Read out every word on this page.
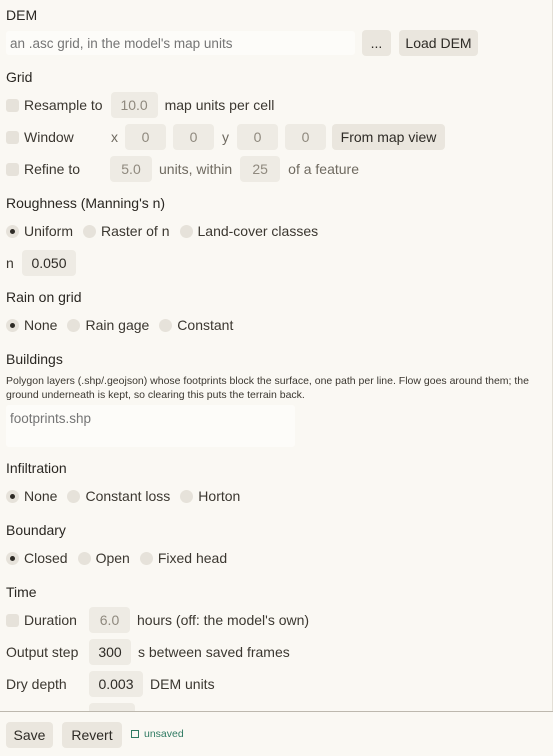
DEM
an .asc grid, in the model's map units
...	Load DEM
Grid
Resample to	10.0	map units per cell
Window	x	0	0	y	0	0	From map view
Refine to	5.0	units, within	25	of a feature
Roughness (Manning's n)
Uniform Raster of n Land-cover classes
n	0.050
Rain on grid
None Rain gage Constant
Buildings
Polygon layers (.shp/.geojson) whose footprints block the surface, one path per line. Flow goes around them; the ground underneath is kept, so clearing this puts the terrain back.
footprints.shp
Infiltration
None Constant loss Horton
Boundary
Closed Open Fixed head
Time
Duration	6.0	hours (off: the model's own)
Output step	300	s between saved frames
Dry depth	0.003	DEM units
Save	Revert	unsaved
